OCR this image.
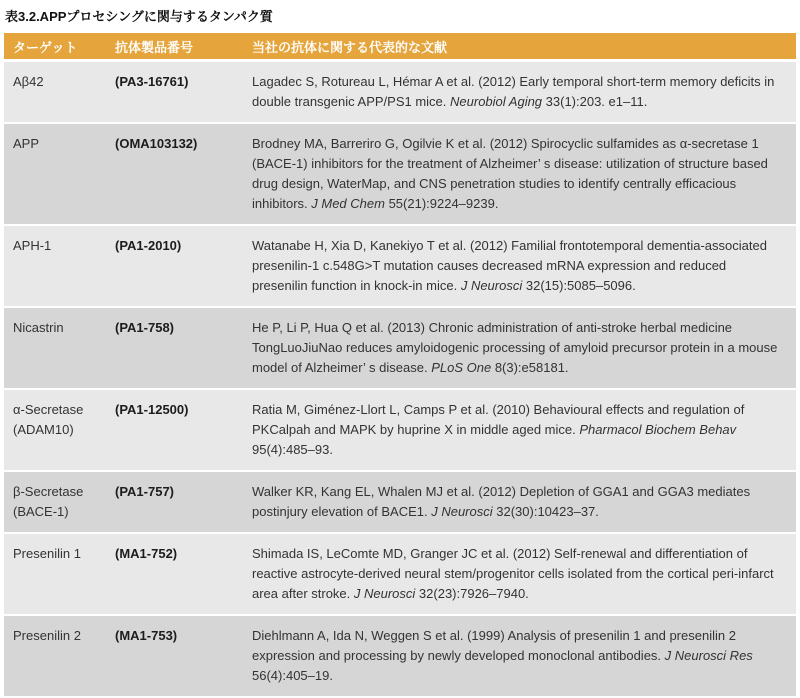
表3.2.APPプロセシングに関与するタンパク質
ターゲット	抗体製品番号	当社の抗体に関する代表的な文献
Aβ42	(PA3-16761)	Lagadec S, Rotureau L, Hémar A et al. (2012) Early temporal short-term memory deficits in double transgenic APP/PS1 mice. Neurobiol Aging 33(1):203. e1–11.
APP	(OMA103132)	Brodney MA, Barreriro G, Ogilvie K et al. (2012) Spirocyclic sulfamides as α-secretase 1 (BACE-1) inhibitors for the treatment of Alzheimer’ s disease: utilization of structure based drug design, WaterMap, and CNS penetration studies to identify centrally efficacious inhibitors. J Med Chem 55(21):9224–9239.
APH-1	(PA1-2010)	Watanabe H, Xia D, Kanekiyo T et al. (2012) Familial frontotemporal dementia-associated presenilin-1 c.548G>T mutation causes decreased mRNA expression and reduced presenilin function in knock-in mice. J Neurosci 32(15):5085–5096.
Nicastrin	(PA1-758)	He P, Li P, Hua Q et al. (2013) Chronic administration of anti-stroke herbal medicine TongLuoJiuNao reduces amyloidogenic processing of amyloid precursor protein in a mouse model of Alzheimer’ s disease. PLoS One 8(3):e58181.
α-Secretase (ADAM10)	(PA1-12500)	Ratia M, Giménez-Llort L, Camps P et al. (2010) Behavioural effects and regulation of PKCalpah and MAPK by huprine X in middle aged mice. Pharmacol Biochem Behav 95(4):485–93.
β-Secretase (BACE-1)	(PA1-757)	Walker KR, Kang EL, Whalen MJ et al. (2012) Depletion of GGA1 and GGA3 mediates postinjury elevation of BACE1. J Neurosci 32(30):10423–37.
Presenilin 1	(MA1-752)	Shimada IS, LeComte MD, Granger JC et al. (2012) Self-renewal and differentiation of reactive astrocyte-derived neural stem/progenitor cells isolated from the cortical peri-infarct area after stroke. J Neurosci 32(23):7926–7940.
Presenilin 2	(MA1-753)	Diehlmann A, Ida N, Weggen S et al. (1999) Analysis of presenilin 1 and presenilin 2 expression and processing by newly developed monoclonal antibodies. J Neurosci Res 56(4):405–19.
